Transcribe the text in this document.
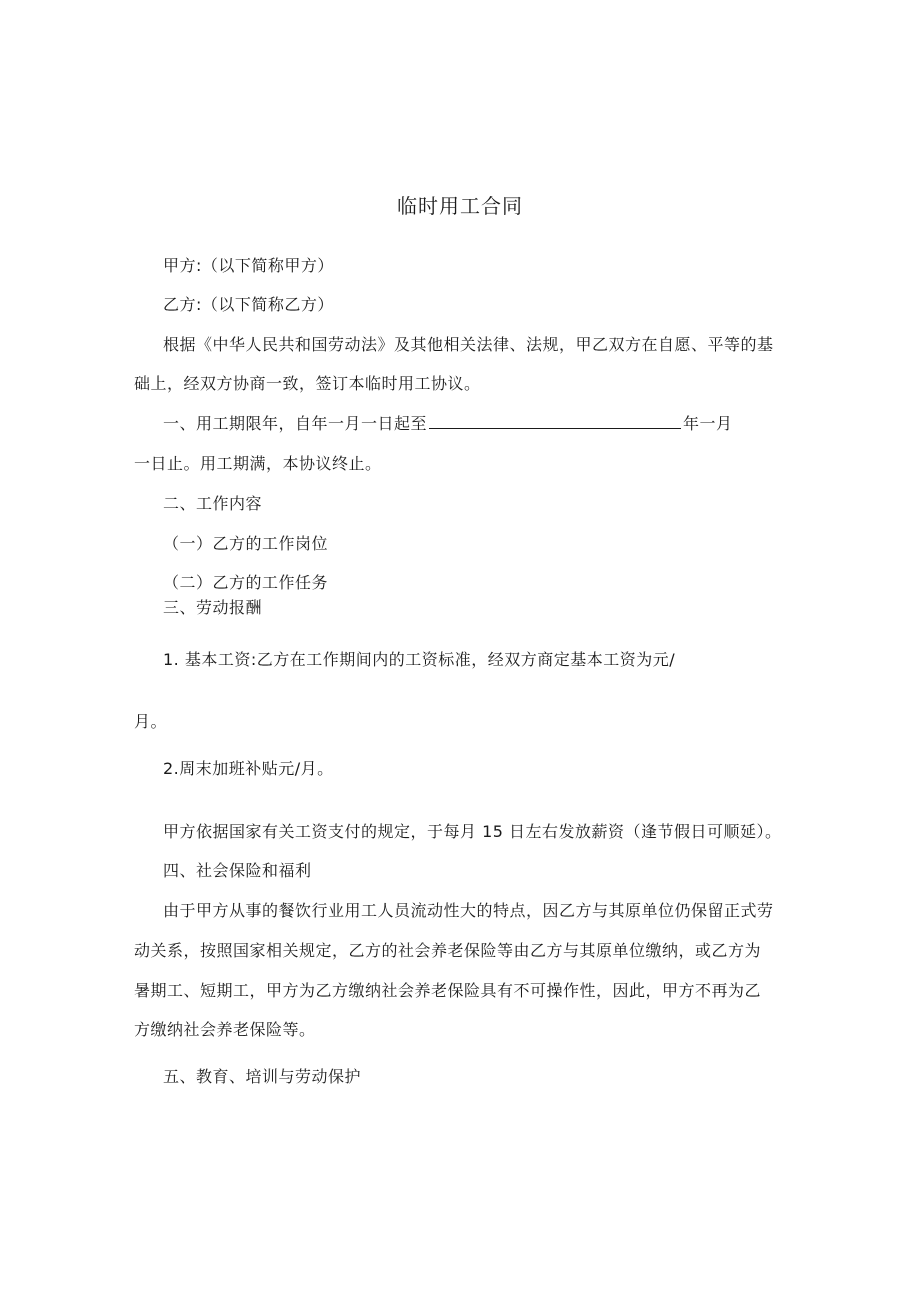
临时用工合同
甲方:（以下简称甲方）
乙方:（以下简称乙方）
根据《中华人民共和国劳动法》及其他相关法律、法规，甲乙双方在自愿、平等的基
础上，经双方协商一致，签订本临时用工协议。
一、用工期限年，自年一月一日起至	年一月
一日止。用工期满，本协议终止。
二、工作内容
（一）乙方的工作岗位
（二）乙方的工作任务
三、劳动报酬
1. 基本工资:乙方在工作期间内的工资标准，经双方商定基本工资为元/
月。
2.周末加班补贴元/月。
甲方依据国家有关工资支付的规定，于每月 15 日左右发放薪资（逢节假日可顺延）。
四、社会保险和福利
由于甲方从事的餐饮行业用工人员流动性大的特点，因乙方与其原单位仍保留正式劳
动关系，按照国家相关规定，乙方的社会养老保险等由乙方与其原单位缴纳，或乙方为
暑期工、短期工，甲方为乙方缴纳社会养老保险具有不可操作性，因此，甲方不再为乙
方缴纳社会养老保险等。
五、教育、培训与劳动保护
